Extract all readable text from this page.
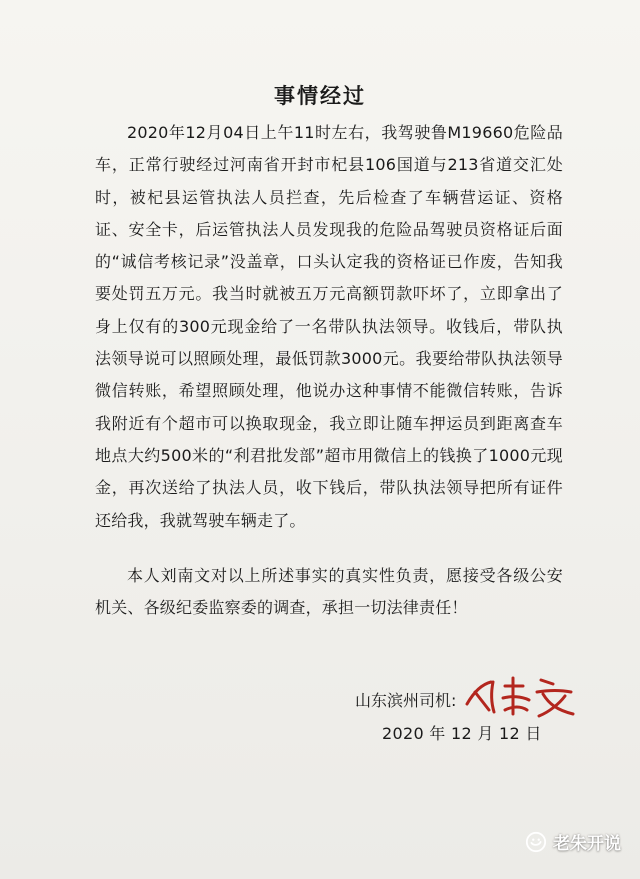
事情经过
2020年12月04日上午11时左右，我驾驶鲁M19660危险品车，正常行驶经过河南省开封市杞县106国道与213省道交汇处时，被杞县运管执法人员拦查，先后检查了车辆营运证、资格证、安全卡，后运管执法人员发现我的危险品驾驶员资格证后面的“诚信考核记录”没盖章，口头认定我的资格证已作废，告知我要处罚五万元。我当时就被五万元高额罚款吓坏了，立即拿出了身上仅有的300元现金给了一名带队执法领导。收钱后，带队执法领导说可以照顾处理，最低罚款3000元。我要给带队执法领导微信转账，希望照顾处理，他说办这种事情不能微信转账，告诉我附近有个超市可以换取现金，我立即让随车押运员到距离查车地点大约500米的“利君批发部”超市用微信上的钱换了1000元现金，再次送给了执法人员，收下钱后，带队执法领导把所有证件还给我，我就驾驶车辆走了。
本人刘南文对以上所述事实的真实性负责，愿接受各级公安机关、各级纪委监察委的调查，承担一切法律责任！
山东滨州司机:
2020 年 12 月 12 日
老朱开说
